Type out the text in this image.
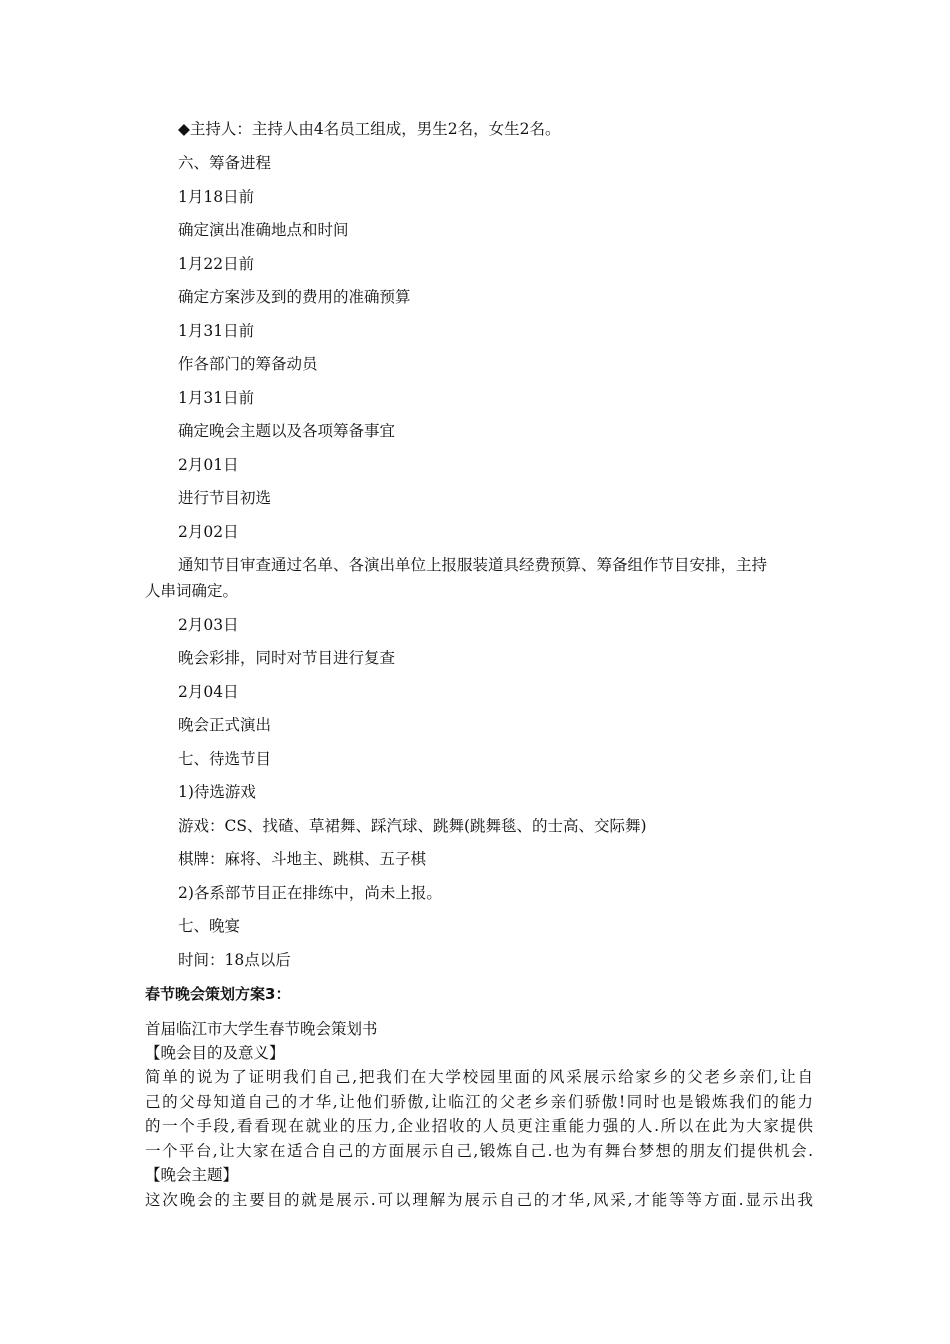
◆主持人：主持人由4名员工组成，男生2名，女生2名。

六、筹备进程

1月18日前

确定演出准确地点和时间

1月22日前

确定方案涉及到的费用的准确预算

1月31日前

作各部门的筹备动员

1月31日前

确定晚会主题以及各项筹备事宜

2月01日

进行节目初选

2月02日

通知节目审查通过名单、各演出单位上报服装道具经费预算、筹备组作节目安排，主持

人串词确定。

2月03日

晚会彩排，同时对节目进行复查

2月04日

晚会正式演出

七、待选节目

1)待选游戏

游戏：CS、找碴、草裙舞、踩汽球、跳舞(跳舞毯、的士高、交际舞)

棋牌：麻将、斗地主、跳棋、五子棋

2)各系部节目正在排练中，尚未上报。

七、晚宴

时间：18点以后

春节晚会策划方案3：

首届临江市大学生春节晚会策划书

【晚会目的及意义】

简单的说为了证明我们自己,把我们在大学校园里面的风采展示给家乡的父老乡亲们,让自

己的父母知道自己的才华,让他们骄傲,让临江的父老乡亲们骄傲!同时也是锻炼我们的能力

的一个手段,看看现在就业的压力,企业招收的人员更注重能力强的人.所以在此为大家提供

一个平台,让大家在适合自己的方面展示自己,锻炼自己.也为有舞台梦想的朋友们提供机会.

【晚会主题】

这次晚会的主要目的就是展示.可以理解为展示自己的才华,风采,才能等等方面.显示出我
